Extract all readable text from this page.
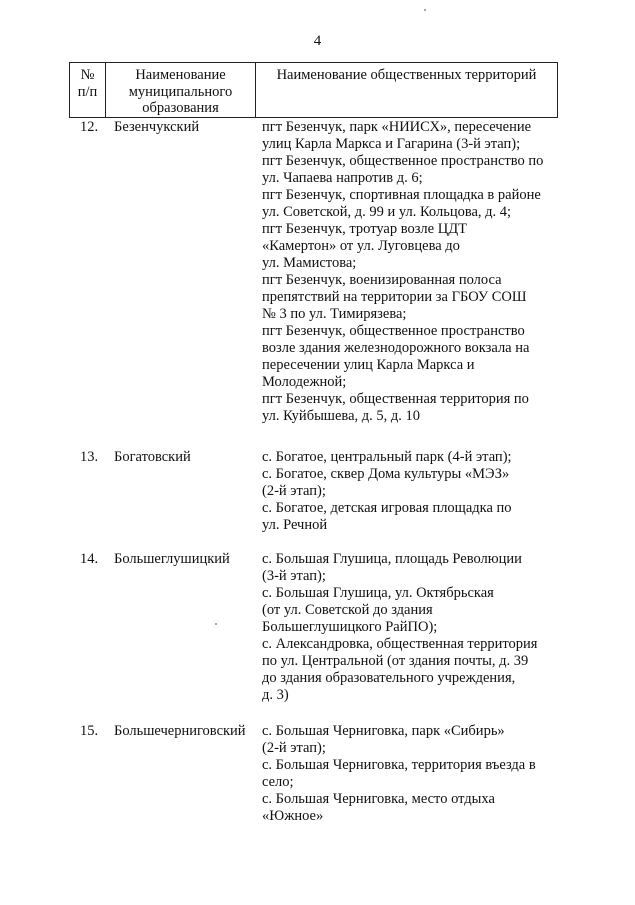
4
№
п/п
Наименование
муниципального
образования
Наименование общественных территорий
12. Безенчукский	пгт Безенчук, парк «НИИСХ», пересечение
улиц Карла Маркса и Гагарина (3-й этап);
пгт Безенчук, общественное пространство по
ул. Чапаева напротив д. 6;
пгт Безенчук, спортивная площадка в районе
ул. Советской, д. 99 и ул. Кольцова, д. 4;
пгт Безенчук, тротуар возле ЦДТ
«Камертон» от ул. Луговцева до
ул. Мамистова;
пгт Безенчук, военизированная полоса
препятствий на территории за ГБОУ СОШ
№ 3 по ул. Тимирязева;
пгт Безенчук, общественное пространство
возле здания железнодорожного вокзала на
пересечении улиц Карла Маркса и
Молодежной;
пгт Безенчук, общественная территория по
ул. Куйбышева, д. 5, д. 10
13. Богатовский	с. Богатое, центральный парк (4-й этап);
с. Богатое, сквер Дома культуры «МЭЗ»
(2-й этап);
с. Богатое, детская игровая площадка по
ул. Речной
14. Большеглушицкий с. Большая Глушица, площадь Революции
(3-й этап);
с. Большая Глушица, ул. Октябрьская
(от ул. Советской до здания
Большеглушицкого РайПО);
с. Александровка, общественная территория
по ул. Центральной (от здания почты, д. 39
до здания образовательного учреждения,
д. 3)
15. Большечерниговский с. Большая Черниговка, парк «Сибирь»
(2-й этап);
с. Большая Черниговка, территория въезда в
село;
с. Большая Черниговка, место отдыха
«Южное»
